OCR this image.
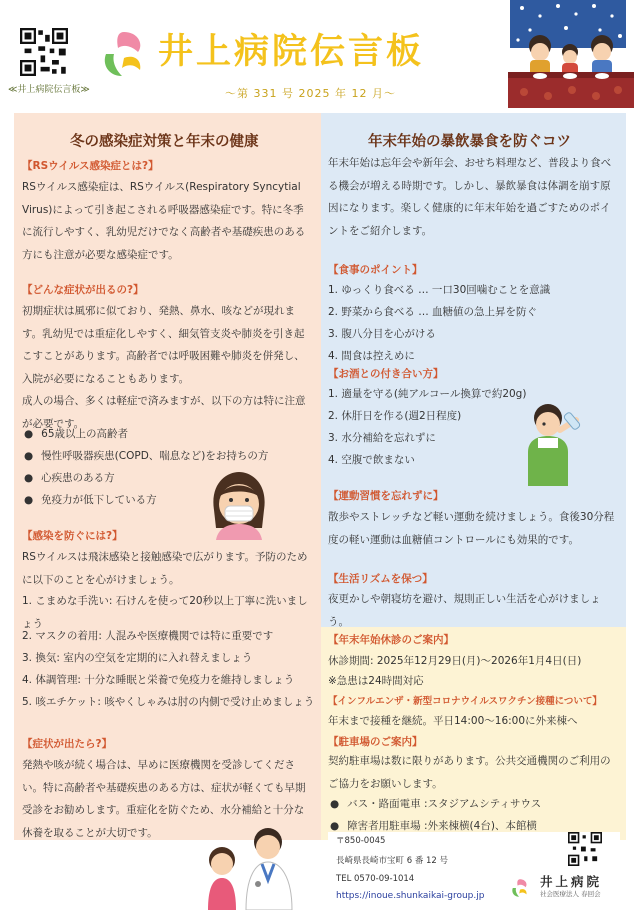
≪井上病院伝言板≫
井上病院伝言板
〜第 331 号 2025 年 12 月〜
冬の感染症対策と年末の健康
【RSウイルス感染症とは?】
RSウイルス感染症は、RSウイルス(Respiratory Syncytial Virus)によって引き起こされる呼吸器感染症です。特に冬季に流行しやすく、乳幼児だけでなく高齢者や基礎疾患のある方にも注意が必要な感染症です。
【どんな症状が出るの?】
初期症状は風邪に似ており、発熱、鼻水、咳などが現れます。乳幼児では重症化しやすく、細気管支炎や肺炎を引き起こすことがあります。高齢者では呼吸困難や肺炎を併発し、入院が必要になることもあります。
成人の場合、多くは軽症で済みますが、以下の方は特に注意が必要です。
● 65歳以上の高齢者
● 慢性呼吸器疾患(COPD、喘息など)をお持ちの方
● 心疾患のある方
● 免疫力が低下している方
【感染を防ぐには?】
RSウイルスは飛沫感染と接触感染で広がります。予防のために以下のことを心がけましょう。
1. こまめな手洗い: 石けんを使って20秒以上丁寧に洗いましょう
2. マスクの着用: 人混みや医療機関では特に重要です
3. 換気: 室内の空気を定期的に入れ替えましょう
4. 体調管理: 十分な睡眠と栄養で免疫力を維持しましょう
5. 咳エチケット: 咳やくしゃみは肘の内側で受け止めましょう
【症状が出たら?】
発熱や咳が続く場合は、早めに医療機関を受診してください。特に高齢者や基礎疾患のある方は、症状が軽くても早期受診をお勧めします。重症化を防ぐため、水分補給と十分な休養を取ることが大切です。
年末年始の暴飲暴食を防ぐコツ
年末年始は忘年会や新年会、おせち料理など、普段より食べる機会が増える時期です。しかし、暴飲暴食は体調を崩す原因になります。楽しく健康的に年末年始を過ごすためのポイントをご紹介します。
【食事のポイント】
1. ゆっくり食べる … 一口30回噛むことを意識
2. 野菜から食べる … 血糖値の急上昇を防ぐ
3. 腹八分目を心がける
4. 間食は控えめに
【お酒との付き合い方】
1. 適量を守る(純アルコール換算で約20g)
2. 休肝日を作る(週2日程度)
3. 水分補給を忘れずに
4. 空腹で飲まない
【運動習慣を忘れずに】
散歩やストレッチなど軽い運動を続けましょう。食後30分程度の軽い運動は血糖値コントロールにも効果的です。
【生活リズムを保つ】
夜更かしや朝寝坊を避け、規則正しい生活を心がけましょう。
【年末年始休診のご案内】
休診期間: 2025年12月29日(月)〜2026年1月4日(日)
※急患は24時間対応
【インフルエンザ・新型コロナウイルスワクチン接種について】
年末まで接種を継続。平日14:00〜16:00に外来棟へ
【駐車場のご案内】
契約駐車場は数に限りがあります。公共交通機関のご利用のご協力をお願いします。
● バス・路面電車 :スタジアムシティサウス
● 障害者用駐車場 :外来棟横(4台)、本館横
〒850-0045
長崎県長崎市宝町 6 番 12 号
TEL 0570-09-1014
https://inoue.shunkaikai-group.jp
井上病院
社会医療法人 春回会
